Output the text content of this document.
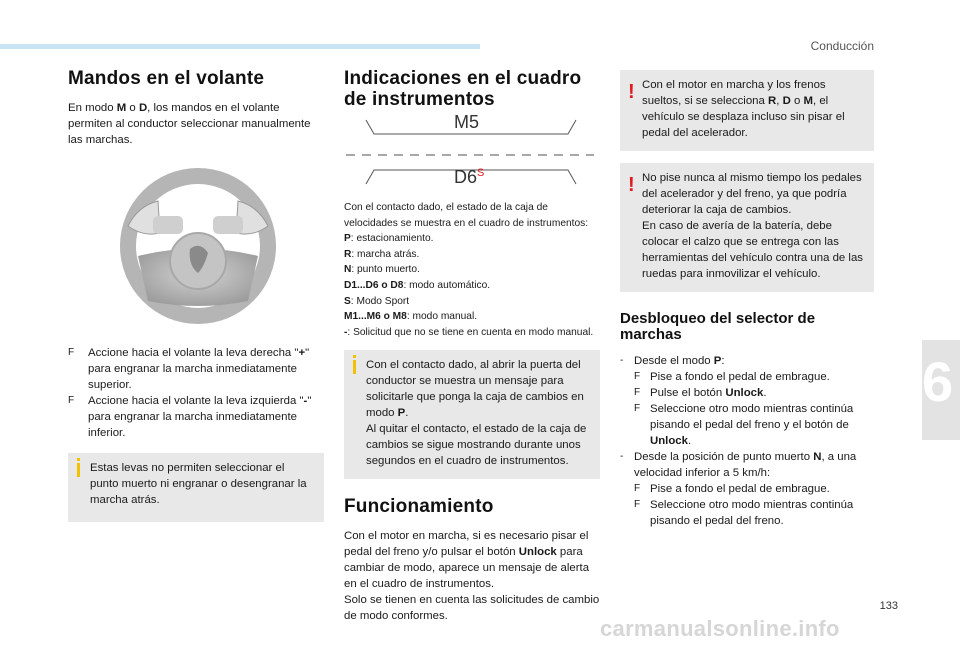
Conducción
Mandos en el volante

En modo M o D, los mandos en el volante permiten al conductor seleccionar manualmente las marchas.

F	Accione hacia el volante la leva derecha "+" para engranar la marcha inmediatamente superior.
F	Accione hacia el volante la leva izquierda "-" para engranar la marcha inmediatamente inferior.
Estas levas no permiten seleccionar el punto muerto ni engranar o desengranar la marcha atrás.
Indicaciones en el cuadro de instrumentos
M5
$D6^S$

Con el contacto dado, el estado de la caja de velocidades se muestra en el cuadro de instrumentos:

P: estacionamiento.
R: marcha atrás.
N: punto muerto.
D1...D6 o D8: modo automático.
S: Modo Sport
M1...M6 o M8: modo manual.
-: Solicitud que no se tiene en cuenta en modo manual.
Con el contacto dado, al abrir la puerta del conductor se muestra un mensaje para solicitarle que ponga la caja de cambios en modo P.
Al quitar el contacto, el estado de la caja de cambios se sigue mostrando durante unos segundos en el cuadro de instrumentos.
Funcionamiento

Con el motor en marcha, si es necesario pisar el pedal del freno y/o pulsar el botón Unlock para cambiar de modo, aparece un mensaje de alerta en el cuadro de instrumentos.

Solo se tienen en cuenta las solicitudes de cambio de modo conformes.

! Con el motor en marcha y los frenos sueltos, si se selecciona R, D o M, el vehículo se desplaza incluso sin pisar el pedal del acelerador.
! No pise nunca al mismo tiempo los pedales del acelerador y del freno, ya que podría deteriorar la caja de cambios.
En caso de avería de la batería, debe colocar el calzo que se entrega con las herramientas del vehículo contra una de las ruedas para inmovilizar el vehículo.
Desbloqueo del selector de marchas
- Desde el modo P:
F Pise a fondo el pedal de embrague.
F Pulse el botón Unlock.
F Seleccione otro modo mientras continúa pisando el pedal del freno y el botón de Unlock.
- Desde la posición de punto muerto N, a una velocidad inferior a 5 km/h:
F Pise a fondo el pedal de embrague.
F Seleccione otro modo mientras continúa pisando el pedal del freno.
6
133
carmanualsonline.info
